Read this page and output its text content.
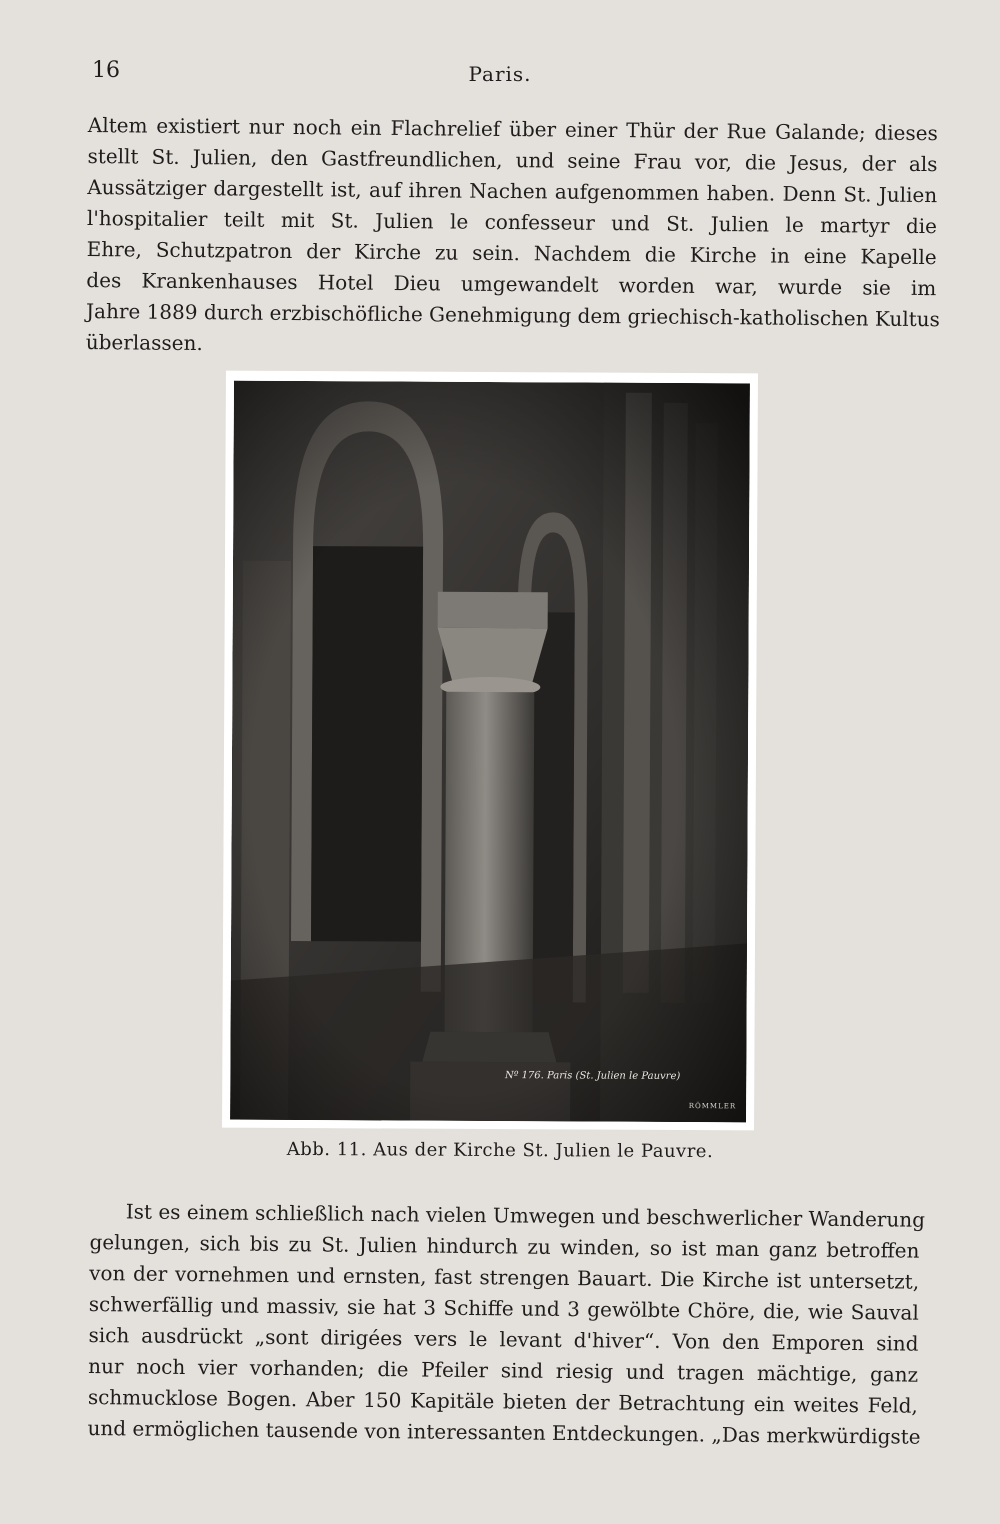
16	Paris.
Altem existiert nur noch ein Flachrelief über einer Thür der Rue Galande; dieses
stellt St. Julien, den Gastfreundlichen, und seine Frau vor, die Jesus, der als
Aussätziger dargestellt ist, auf ihren Nachen aufgenommen haben. Denn St. Julien
l'hospitalier teilt mit St. Julien le confesseur und St. Julien le martyr die
Ehre, Schutzpatron der Kirche zu sein. Nachdem die Kirche in eine Kapelle
des Krankenhauses Hotel Dieu umgewandelt worden war, wurde sie im
Jahre 1889 durch erzbischöfliche Genehmigung dem griechisch-katholischen Kultus
überlassen.
Nº 176. Paris (St. Julien le Pauvre)
RÖMMLER
Abb. 11. Aus der Kirche St. Julien le Pauvre.
Ist es einem schließlich nach vielen Umwegen und beschwerlicher Wanderung
gelungen, sich bis zu St. Julien hindurch zu winden, so ist man ganz betroffen
von der vornehmen und ernsten, fast strengen Bauart. Die Kirche ist untersetzt,
schwerfällig und massiv, sie hat 3 Schiffe und 3 gewölbte Chöre, die, wie Sauval
sich ausdrückt „sont dirigées vers le levant d'hiver“. Von den Emporen sind
nur noch vier vorhanden; die Pfeiler sind riesig und tragen mächtige, ganz
schmucklose Bogen. Aber 150 Kapitäle bieten der Betrachtung ein weites Feld,
und ermöglichen tausende von interessanten Entdeckungen. „Das merkwürdigste
